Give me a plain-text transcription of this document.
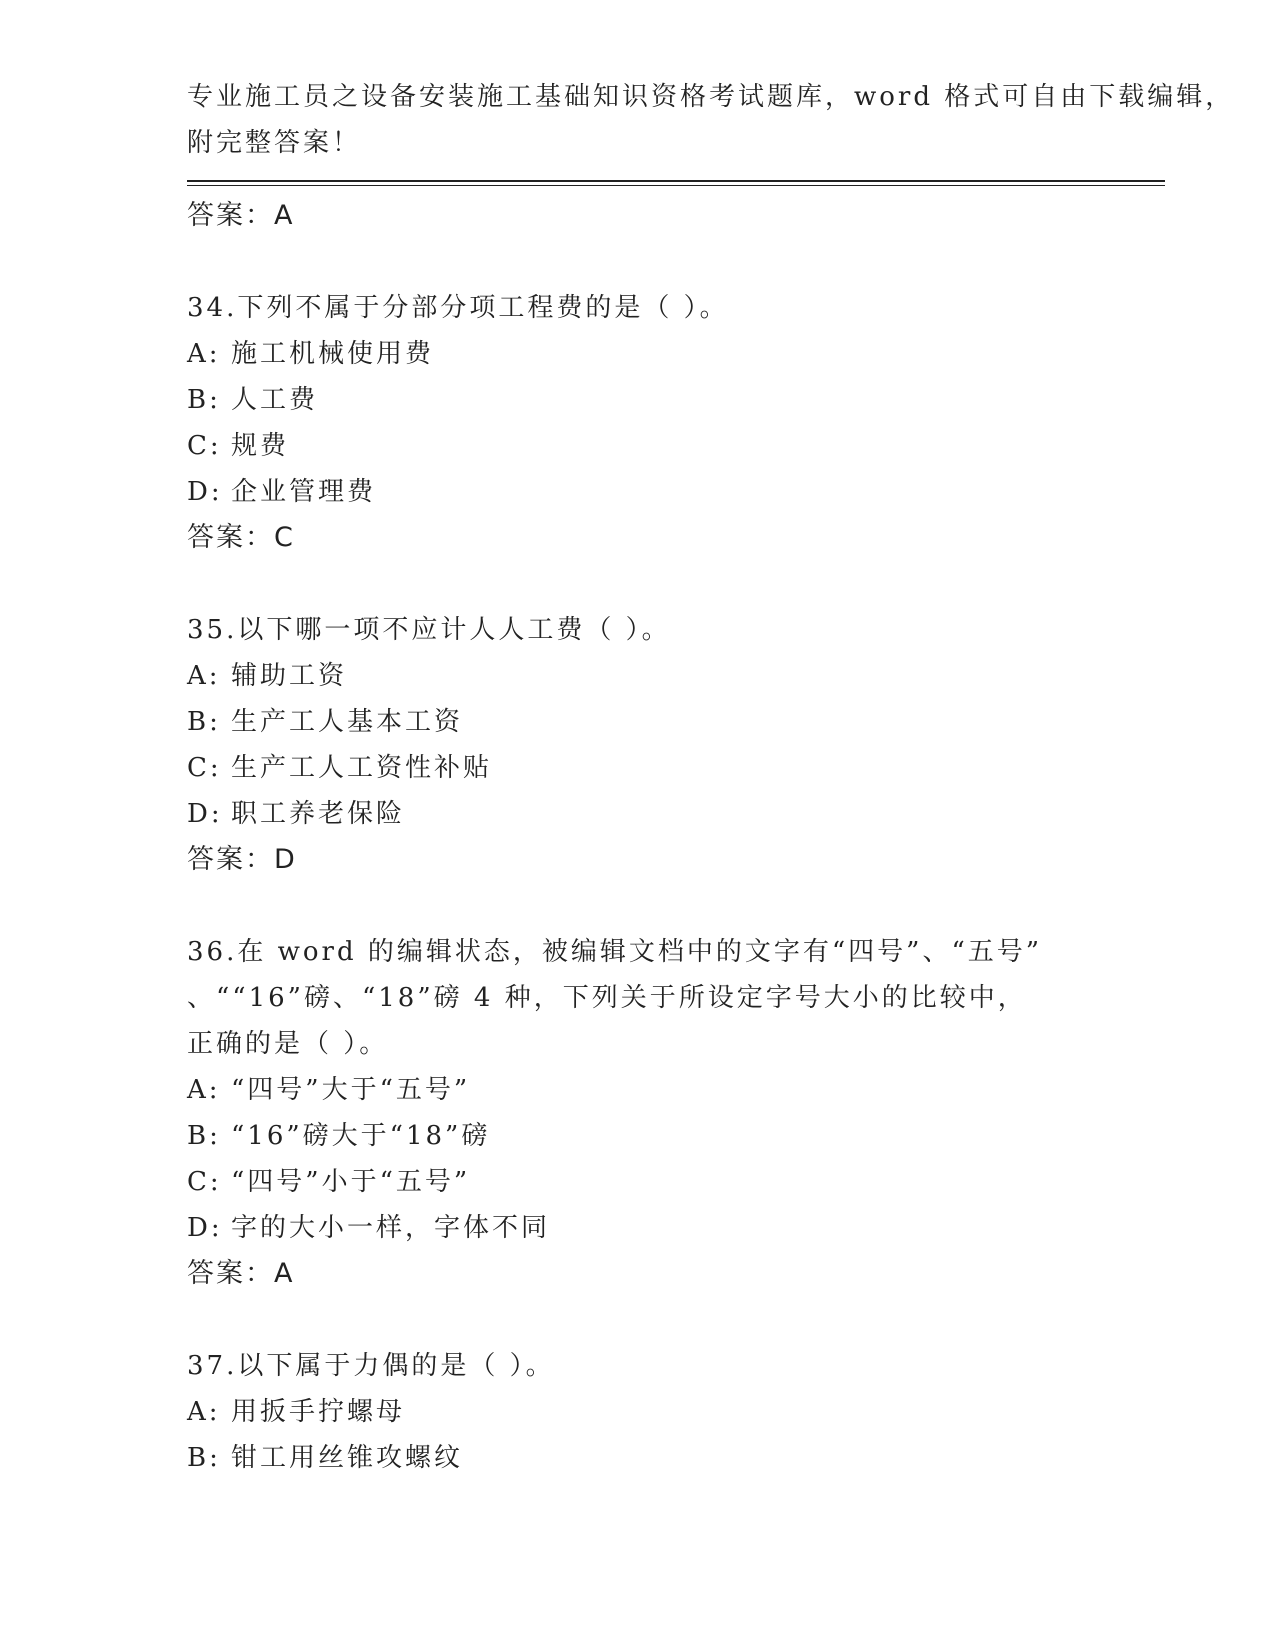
专业施工员之设备安装施工基础知识资格考试题库，word 格式可自由下载编辑，
附完整答案！
答案：A
34.下列不属于分部分项工程费的是（ ）。
A: 施工机械使用费
B: 人工费
C: 规费
D: 企业管理费
答案：C
35.以下哪一项不应计人人工费（ ）。
A: 辅助工资
B: 生产工人基本工资
C: 生产工人工资性补贴
D: 职工养老保险
答案：D
36.在 word 的编辑状态，被编辑文档中的文字有“四号”、“五号”
、““16”磅、“18”磅 4 种，下列关于所设定字号大小的比较中，
正确的是（ ）。
A: “四号”大于“五号”
B: “16”磅大于“18”磅
C: “四号”小于“五号”
D: 字的大小一样，字体不同
答案：A
37.以下属于力偶的是（ ）。
A: 用扳手拧螺母
B: 钳工用丝锥攻螺纹
